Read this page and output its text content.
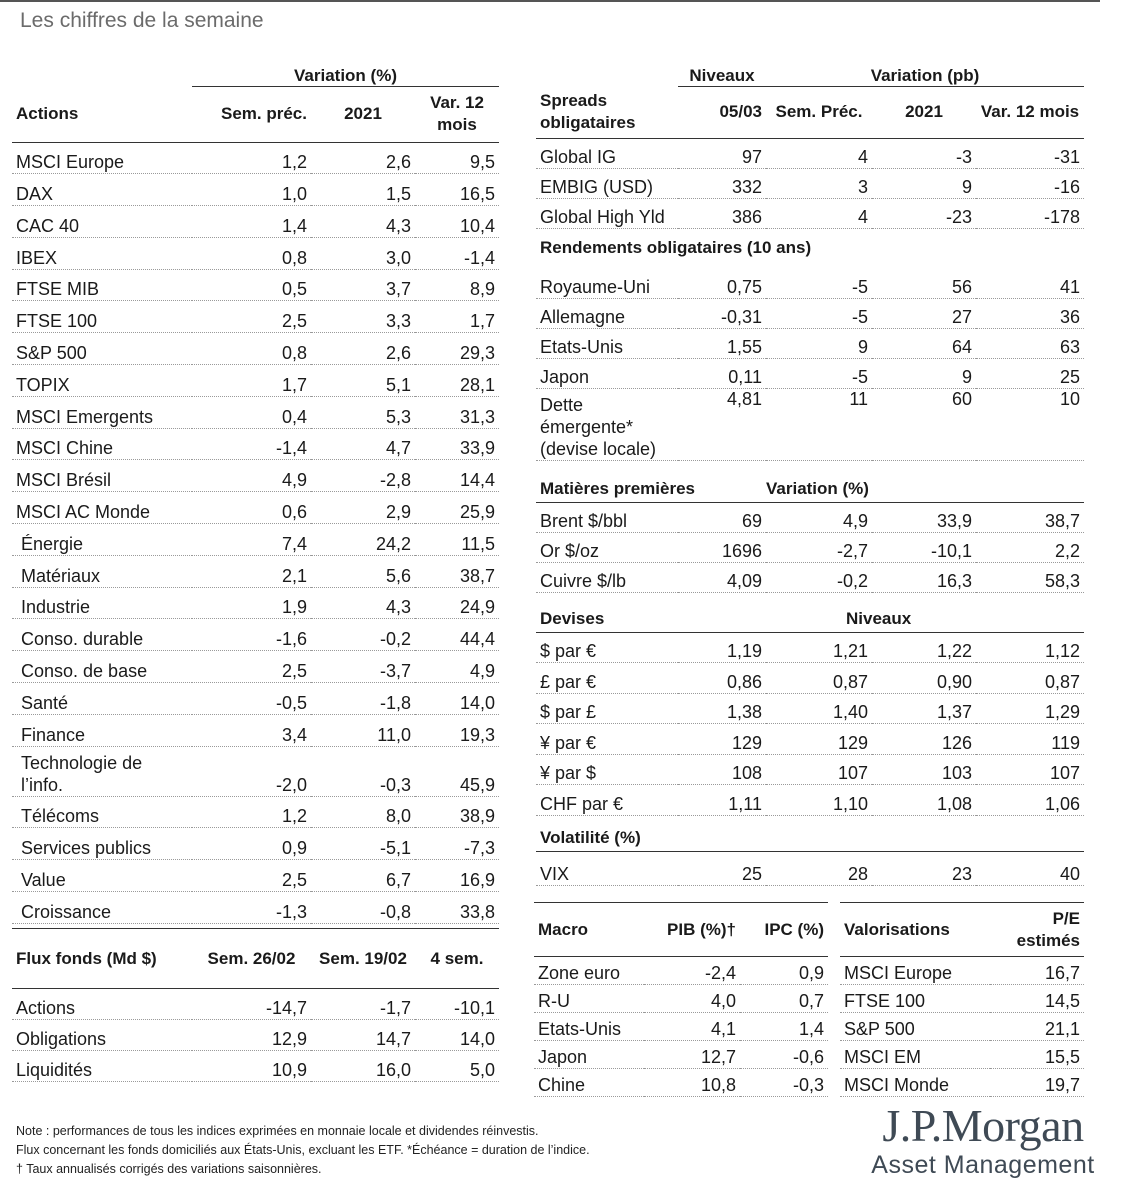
Les chiffres de la semaine
	Variation (%)		
Actions	Sem. préc.	2021	Var. 12 mois
MSCI Europe	1,2	2,6	9,5
DAX	1,0	1,5	16,5
CAC 40	1,4	4,3	10,4
IBEX	0,8	3,0	-1,4
FTSE MIB	0,5	3,7	8,9
FTSE 100	2,5	3,3	1,7
S&P 500	0,8	2,6	29,3
TOPIX	1,7	5,1	28,1
MSCI Emergents	0,4	5,3	31,3
MSCI Chine	-1,4	4,7	33,9
MSCI Brésil	4,9	-2,8	14,4
MSCI AC Monde	0,6	2,9	25,9
Énergie	7,4	24,2	11,5
Matériaux	2,1	5,6	38,7
Industrie	1,9	4,3	24,9
Conso. durable	-1,6	-0,2	44,4
Conso. de base	2,5	-3,7	4,9
Santé	-0,5	-1,8	14,0
Finance	3,4	11,0	19,3
Technologie de l’info.	-2,0	-0,3	45,9
Télécoms	1,2	8,0	38,9
Services publics	0,9	-5,1	-7,3
Value	2,5	6,7	16,9
Croissance	-1,3	-0,8	33,8
Flux fonds (Md $)	Sem. 26/02	Sem. 19/02	4 sem.
Actions	-14,7	-1,7	-10,1
Obligations	12,9	14,7	14,0
Liquidités	10,9	16,0	5,0
	Niveaux	Variation (pb)		
Spreads obligataires	05/03	Sem. Préc.	2021	Var. 12 mois
Global IG	97	4	-3	-31
EMBIG (USD)	332	3	9	-16
Global High Yld	386	4	-23	-178
Rendements obligataires (10 ans)				
Royaume-Uni	0,75	-5	56	41
Allemagne	-0,31	-5	27	36
Etats-Unis	1,55	9	64	63
Japon	0,11	-5	9	25
Dette émergente* (devise locale)	4,81	11	60	10
Matières premières		Variation (%)		
Brent $/bbl	69	4,9	33,9	38,7
Or $/oz	1696	-2,7	-10,1	2,2
Cuivre $/lb	4,09	-0,2	16,3	58,3
Devises		Niveaux		
$ par €	1,19	1,21	1,22	1,12
£ par €	0,86	0,87	0,90	0,87
$ par £	1,38	1,40	1,37	1,29
¥ par €	129	129	126	119
¥ par $	108	107	103	107
CHF par €	1,11	1,10	1,08	1,06
Volatilité (%)				
VIX	25	28	23	40
Macro	PIB (%)†	IPC (%)
Zone euro	-2,4	0,9
R-U	4,0	0,7
Etats-Unis	4,1	1,4
Japon	12,7	-0,6
Chine	10,8	-0,3
Valorisations	P/E estimés
MSCI Europe	16,7
FTSE 100	14,5
S&P 500	21,1
MSCI EM	15,5
MSCI Monde	19,7
Note : performances de tous les indices exprimées en monnaie locale et dividendes réinvestis.
Flux concernant les fonds domiciliés aux États-Unis, excluant les ETF. *Échéance = duration de l’indice.
† Taux annualisés corrigés des variations saisonnières.
J.P.Morgan
Asset Management
